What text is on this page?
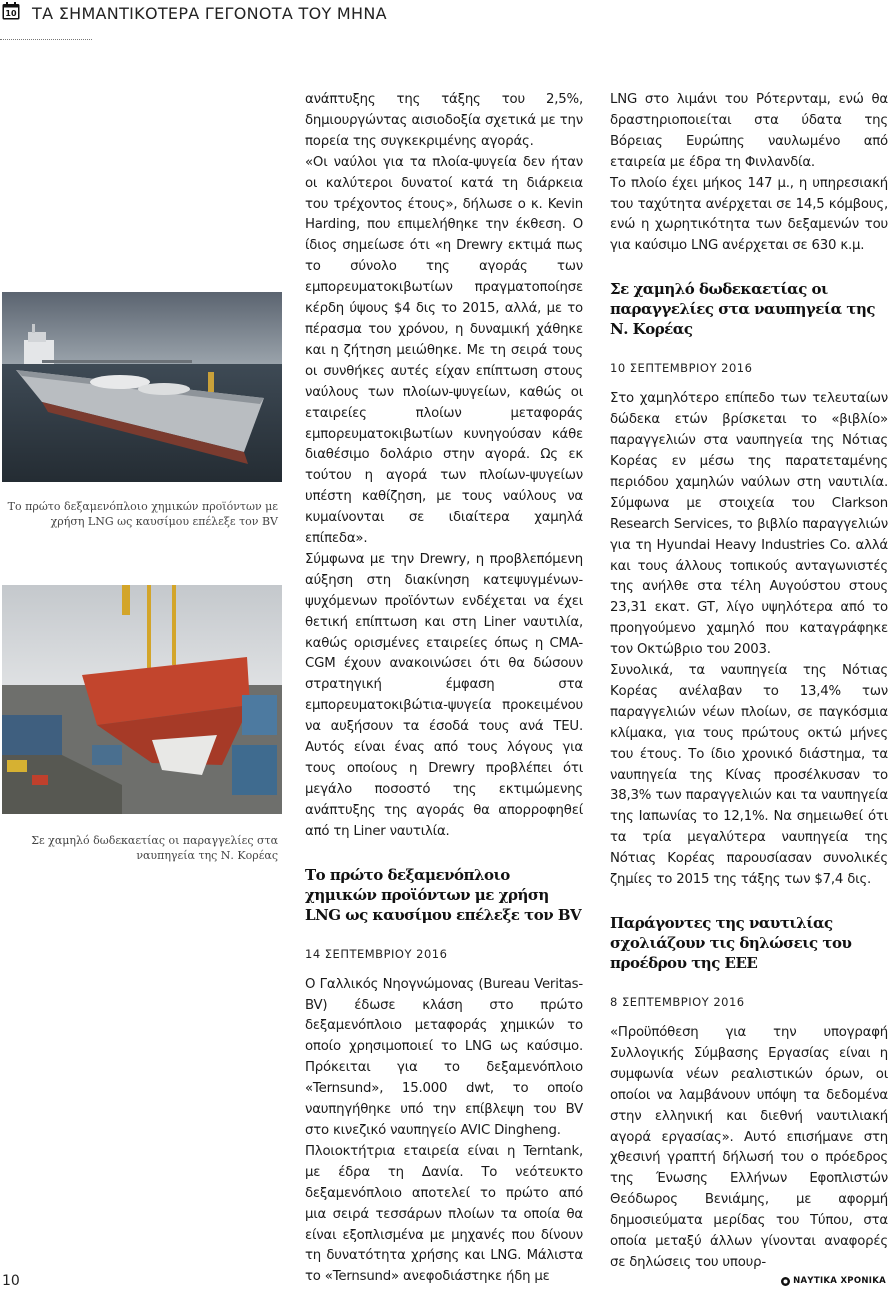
10 ΤΑ ΣΗΜΑΝΤΙΚΟΤΕΡΑ ΓΕΓΟΝΟΤΑ ΤΟΥ ΜΗΝΑ
Το πρώτο δεξαμενόπλοιο χημικών προϊόντων με χρήση LNG ως καυσίμου επέλεξε τον BV
Σε χαμηλό δωδεκαετίας οι παραγγελίες στα ναυπηγεία της Ν. Κορέας

ανάπτυξης της τάξης του 2,5%, δημιουργώντας αισιοδοξία σχετικά με την πορεία της συγκεκριμένης αγοράς.

«Οι ναύλοι για τα πλοία-ψυγεία δεν ήταν οι καλύτεροι δυνατοί κατά τη διάρκεια του τρέχοντος έτους», δήλωσε ο κ. Kevin Harding, που επιμελήθηκε την έκθεση. Ο ίδιος σημείωσε ότι «η Drewry εκτιμά πως το σύνολο της αγοράς των εμπορευματοκιβωτίων πραγματοποίησε κέρδη ύψους $4 δις το 2015, αλλά, με το πέρασμα του χρόνου, η δυναμική χάθηκε και η ζήτηση μειώθηκε. Με τη σειρά τους οι συνθήκες αυτές είχαν επίπτωση στους ναύλους των πλοίων-ψυγείων, καθώς οι εταιρείες πλοίων μεταφοράς εμπορευματοκιβωτίων κυνηγούσαν κάθε διαθέσιμο δολάριο στην αγορά. Ως εκ τούτου η αγορά των πλοίων-ψυγείων υπέστη καθίζηση, με τους ναύλους να κυμαίνονται σε ιδιαίτερα χαμηλά επίπεδα».

Σύμφωνα με την Drewry, η προβλεπόμενη αύξηση στη διακίνηση κατεψυγμένων-ψυχόμενων προϊόντων ενδέχεται να έχει θετική επίπτωση και στη Liner ναυτιλία, καθώς ορισμένες εταιρείες όπως η CMA-CGM έχουν ανακοινώσει ότι θα δώσουν στρατηγική έμφαση στα εμπορευματοκιβώτια-ψυγεία προκειμένου να αυξήσουν τα έσοδά τους ανά TEU. Αυτός είναι ένας από τους λόγους για τους οποίους η Drewry προβλέπει ότι μεγάλο ποσοστό της εκτιμώμενης ανάπτυξης της αγοράς θα απορροφηθεί από τη Liner ναυτιλία.

Το πρώτο δεξαμενόπλοιο χημικών προϊόντων με χρήση LNG ως καυσίμου επέλεξε τον BV

14 ΣΕΠΤΕΜΒΡΙΟΥ 2016

Ο Γαλλικός Νηογνώμονας (Bureau Veritas-BV) έδωσε κλάση στο πρώτο δεξαμενόπλοιο μεταφοράς χημικών το οποίο χρησιμοποιεί το LNG ως καύσιμο. Πρόκειται για το δεξαμενόπλοιο «Ternsund», 15.000 dwt, το οποίο ναυπηγήθηκε υπό την επίβλεψη του BV στο κινεζικό ναυπηγείο AVIC Dingheng.

Πλοιοκτήτρια εταιρεία είναι η Terntank, με έδρα τη Δανία. Το νεότευκτο δεξαμενόπλοιο αποτελεί το πρώτο από μια σειρά τεσσάρων πλοίων τα οποία θα είναι εξοπλισμένα με μηχανές που δίνουν τη δυνατότητα χρήσης και LNG. Μάλιστα το «Ternsund» ανεφοδιάστηκε ήδη με

LNG στο λιμάνι του Ρότερνταμ, ενώ θα δραστηριοποιείται στα ύδατα της Βόρειας Ευρώπης ναυλωμένο από εταιρεία με έδρα τη Φινλανδία.

Το πλοίο έχει μήκος 147 μ., η υπηρεσιακή του ταχύτητα ανέρχεται σε 14,5 κόμβους, ενώ η χωρητικότητα των δεξαμενών του για καύσιμο LNG ανέρχεται σε 630 κ.μ.

Σε χαμηλό δωδεκαετίας οι παραγγελίες στα ναυπηγεία της Ν. Κορέας

10 ΣΕΠΤΕΜΒΡΙΟΥ 2016

Στο χαμηλότερο επίπεδο των τελευταίων δώδεκα ετών βρίσκεται το «βιβλίο» παραγγελιών στα ναυπηγεία της Νότιας Κορέας εν μέσω της παρατεταμένης περιόδου χαμηλών ναύλων στη ναυτιλία. Σύμφωνα με στοιχεία του Clarkson Research Services, το βιβλίο παραγγελιών για τη Hyundai Heavy Industries Co. αλλά και τους άλλους τοπικούς ανταγωνιστές της ανήλθε στα τέλη Αυγούστου στους 23,31 εκατ. GT, λίγο υψηλότερα από το προηγούμενο χαμηλό που καταγράφηκε τον Οκτώβριο του 2003.

Συνολικά, τα ναυπηγεία της Νότιας Κορέας ανέλαβαν το 13,4% των παραγγελιών νέων πλοίων, σε παγκόσμια κλίμακα, για τους πρώτους οκτώ μήνες του έτους. Το ίδιο χρονικό διάστημα, τα ναυπηγεία της Κίνας προσέλκυσαν το 38,3% των παραγγελιών και τα ναυπηγεία της Ιαπωνίας το 12,1%. Να σημειωθεί ότι τα τρία μεγαλύτερα ναυπηγεία της Νότιας Κορέας παρουσίασαν συνολικές ζημίες το 2015 της τάξης των $7,4 δις.

Παράγοντες της ναυτιλίας σχολιάζουν τις δηλώσεις του προέδρου της ΕΕΕ

8 ΣΕΠΤΕΜΒΡΙΟΥ 2016

«Προϋπόθεση για την υπογραφή Συλλογικής Σύμβασης Εργασίας είναι η συμφωνία νέων ρεαλιστικών όρων, οι οποίοι να λαμβάνουν υπόψη τα δεδομένα στην ελληνική και διεθνή ναυτιλιακή αγορά εργασίας». Αυτό επισήμανε στη χθεσινή γραπτή δήλωσή του ο πρόεδρος της Ένωσης Ελλήνων Εφοπλιστών Θεόδωρος Βενιάμης, με αφορμή δημοσιεύματα μερίδας του Τύπου, στα οποία μεταξύ άλλων γίνονται αναφορές σε δηλώσεις του υπουρ-

10	ΝΑΥΤΙΚΑ ΧΡΟΝΙΚΑ
